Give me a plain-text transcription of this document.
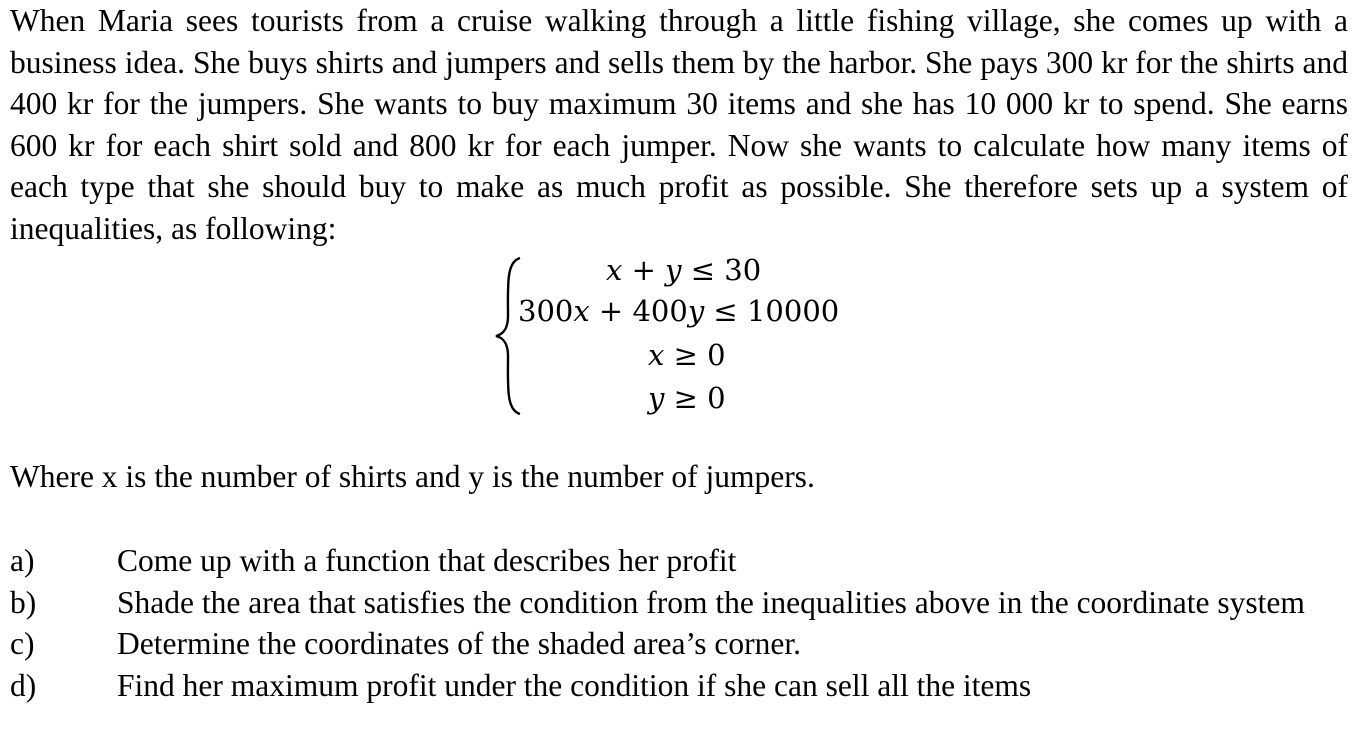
When Maria sees tourists from a cruise walking through a little fishing village, she comes up with a business idea. She buys shirts and jumpers and sells them by the harbor. She pays 300 kr for the shirts and 400 kr for the jumpers. She wants to buy maximum 30 items and she has 10 000 kr to spend. She earns 600 kr for each shirt sold and 800 kr for each jumper. Now she wants to calculate how many items of each type that she should buy to make as much profit as possible. She therefore sets up a system of inequalities, as following:

x + y ≤ 30
300x + 400y ≤ 10000
x ≥ 0
y ≥ 0

Where x is the number of shirts and y is the number of jumpers.

a)	Come up with a function that describes her profit
b)	Shade the area that satisfies the condition from the inequalities above in the coordinate system
c)	Determine the coordinates of the shaded area’s corner.
d)	Find her maximum profit under the condition if she can sell all the items
